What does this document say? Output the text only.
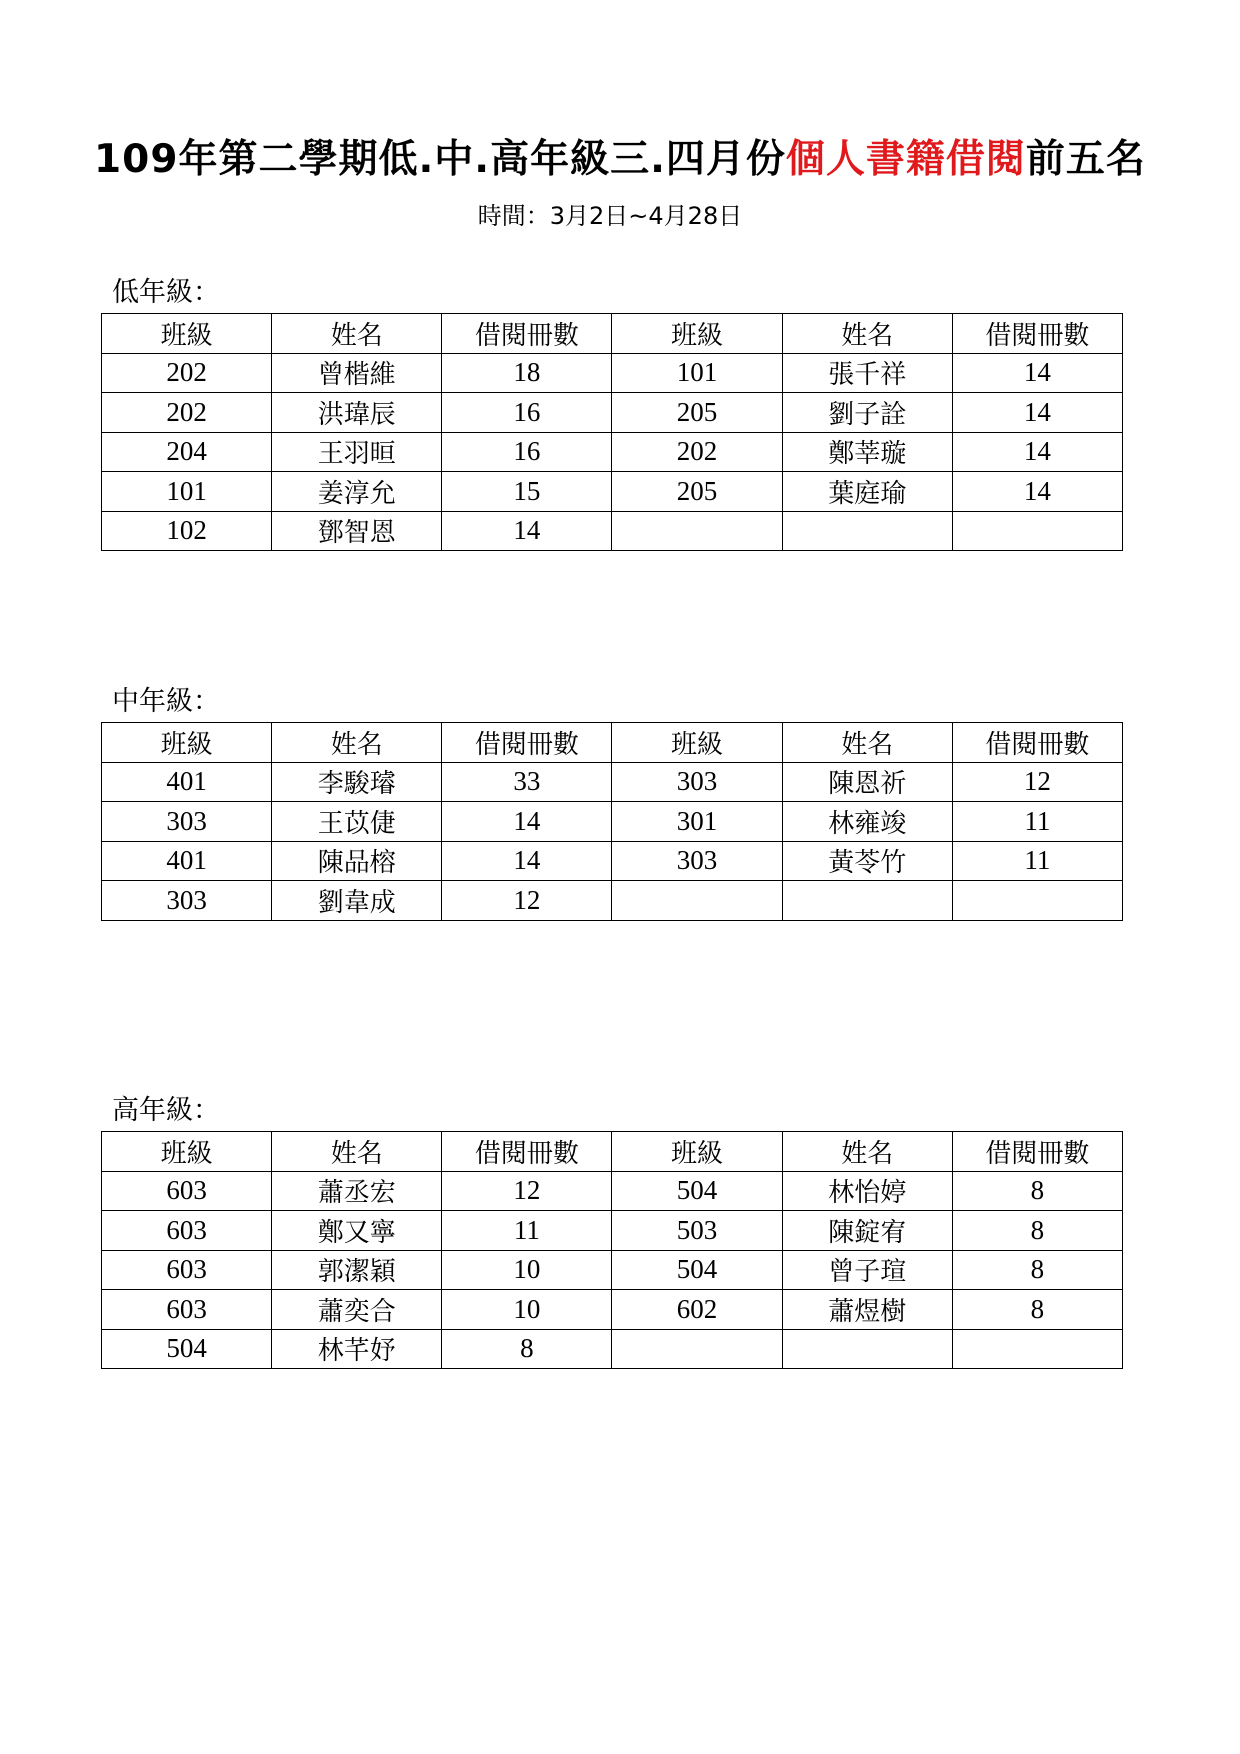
109年第二學期低.中.高年級三.四月份個人書籍借閱前五名
時間：3月2日~4月28日
低年級：
班級	姓名	借閱冊數	班級	姓名	借閱冊數
202	曾楷維	18	101	張千祥	14
202	洪瑋辰	16	205	劉子詮	14
204	王羽晅	16	202	鄭莘璇	14
101	姜淳允	15	205	葉庭瑜	14
102	鄧智恩	14			
中年級：
班級	姓名	借閱冊數	班級	姓名	借閱冊數
401	李駿璿	33	303	陳恩祈	12
303	王苡倢	14	301	林雍竣	11
401	陳品榕	14	303	黃苓竹	11
303	劉韋成	12			
高年級：
班級	姓名	借閱冊數	班級	姓名	借閱冊數
603	蕭丞宏	12	504	林怡婷	8
603	鄭又寧	11	503	陳錠宥	8
603	郭潔穎	10	504	曾子瑄	8
603	蕭奕合	10	602	蕭煜樹	8
504	林芊妤	8			
